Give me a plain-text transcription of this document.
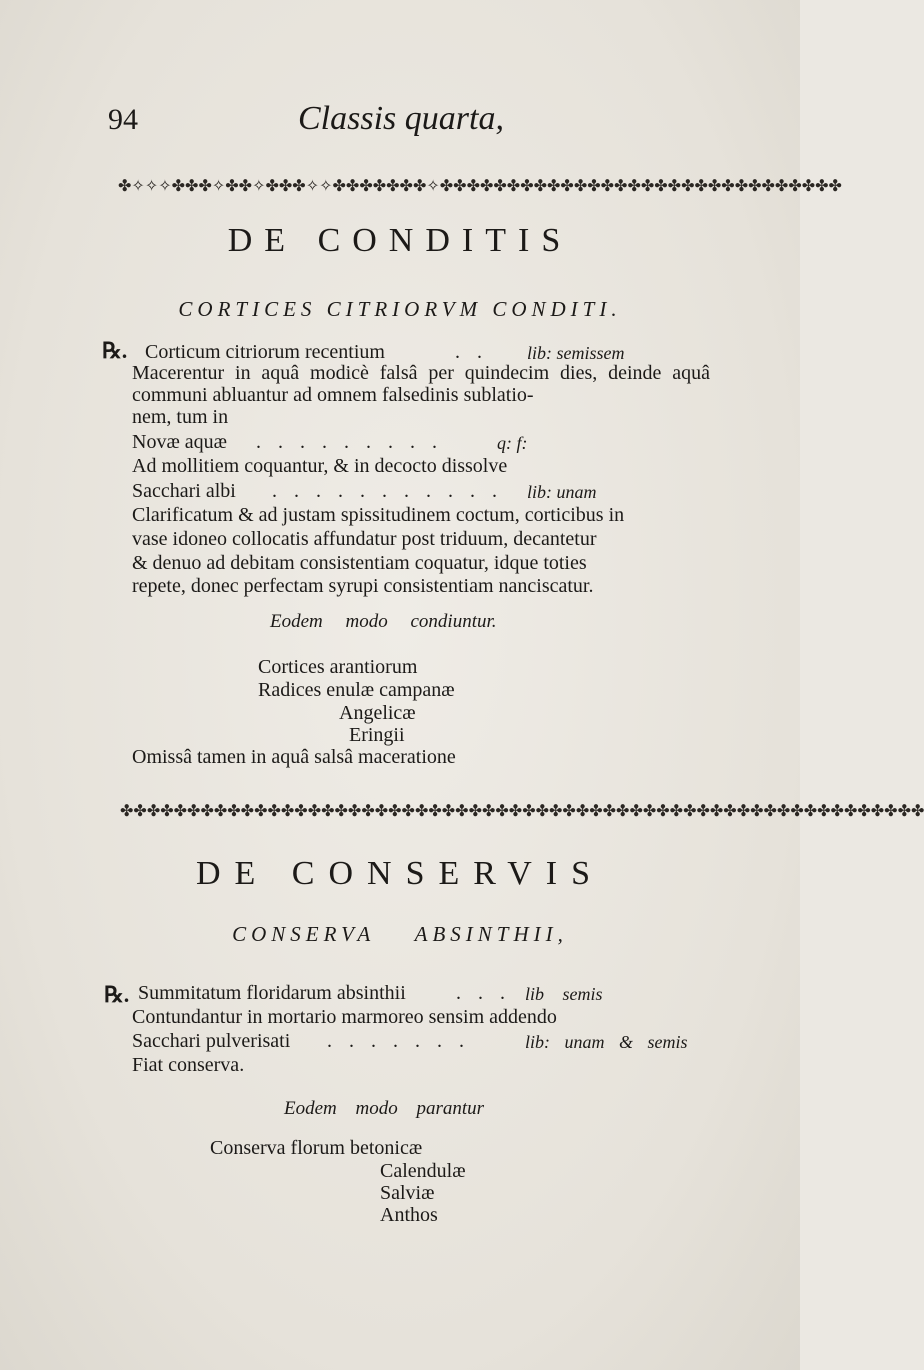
94	Classis quarta,
✤✧✧✧✤✤✤✧✤✤✧✤✤✤✧✧✤✤✤✤✤✤✤✧✤✤✤✤✤✤✤✤✤✤✤✤✤✤✤✤✤✤✤✤✤✤✤✤✤✤✤✤✤✤
DE CONDITIS
CORTICES CITRIORVM CONDITI.
℞. Corticum citriorum recentium	. . lib: semissem
Macerentur in aquâ modicè falsâ per quindecim dies, deinde aquâ communi abluantur ad omnem falsedinis sublatio-
nem, tum in
Novæ aquæ . . . . . . . . .	q: f:
Ad mollitiem coquantur, & in decocto dissolve
Sacchari albi . . . . . . . . . . . lib: unam
Clarificatum & ad justam spissitudinem coctum, corticibus in
vase idoneo collocatis affundatur post triduum, decantetur
& denuo ad debitam consistentiam coquatur, idque toties
repete, donec perfectam syrupi consistentiam nanciscatur.
Eodem modo condiuntur.
Cortices arantiorum
Radices enulæ campanæ
Angelicæ
Eringii
Omissâ tamen in aquâ salsâ maceratione
✤✤✤✤✤✤✤✤✤✤✤✤✤✤✤✤✤✤✤✤✤✤✤✤✤✤✤✤✤✤✤✤✤✤✤✤✤✤✤✤✤✤✤✤✤✤✤✤✤✤✤✤✤✤✤✤✤✤✤✤
DE CONSERVIS
CONSERVA ABSINTHII,
℞. Summitatum floridarum absinthii	. . . lib semis
Contundantur in mortario marmoreo sensim addendo
Sacchari pulverisati . . . . . . .	lib: unam & semis
Fiat conserva.
Eodem modo parantur
Conserva florum betonicæ
Calendulæ
Salviæ
Anthos
